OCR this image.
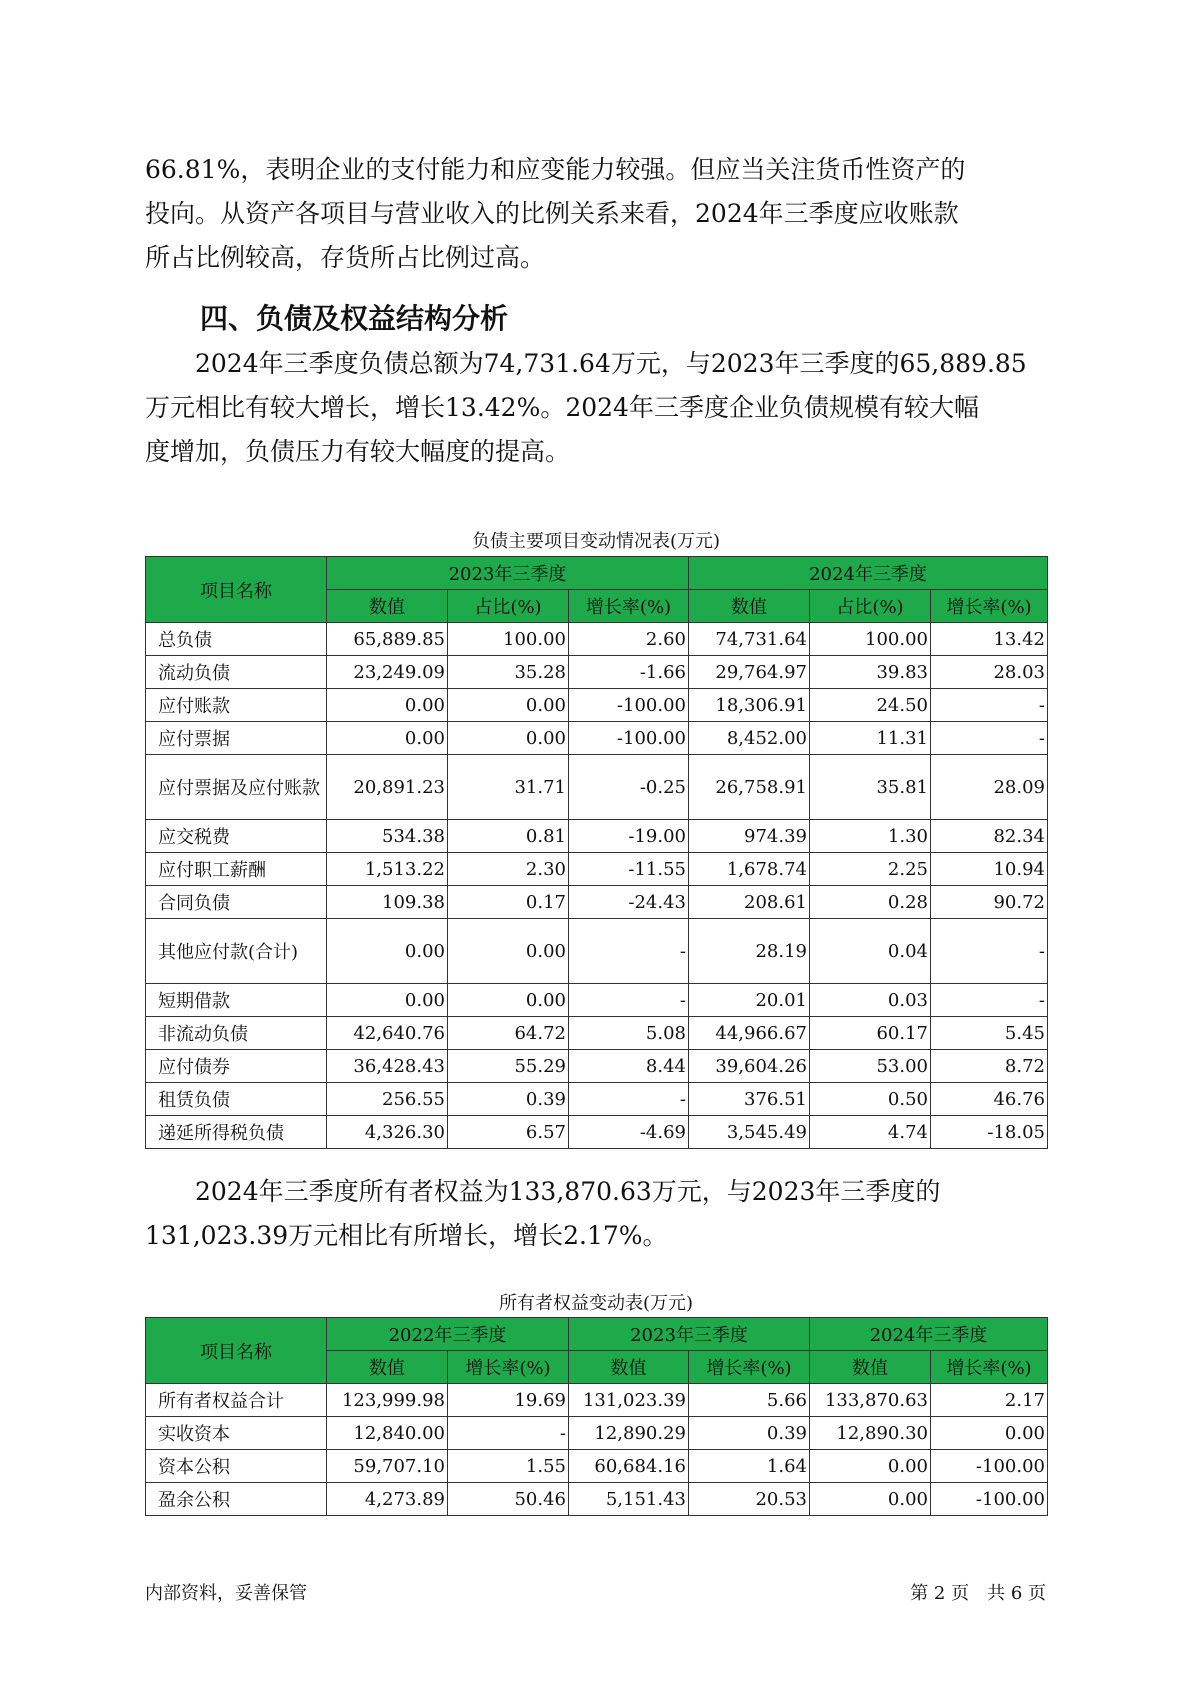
66.81%，表明企业的支付能力和应变能力较强。但应当关注货币性资产的
投向。从资产各项目与营业收入的比例关系来看，2024年三季度应收账款
所占比例较高，存货所占比例过高。
四、负债及权益结构分析
　　2024年三季度负债总额为74,731.64万元，与2023年三季度的65,889.85
万元相比有较大增长，增长13.42%。2024年三季度企业负债规模有较大幅
度增加，负债压力有较大幅度的提高。

负债主要项目变动情况表(万元)

项目名称	2023年三季度			2024年三季度		
	数值	占比(%)	增长率(%)	数值	占比(%)	增长率(%)
总负债	65,889.85	100.00	2.60	74,731.64	100.00	13.42
流动负债	23,249.09	35.28	-1.66	29,764.97	39.83	28.03
应付账款	0.00	0.00	-100.00	18,306.91	24.50	-
应付票据	0.00	0.00	-100.00	8,452.00	11.31	-
应付票据及应付账款	20,891.23	31.71	-0.25	26,758.91	35.81	28.09
应交税费	534.38	0.81	-19.00	974.39	1.30	82.34
应付职工薪酬	1,513.22	2.30	-11.55	1,678.74	2.25	10.94
合同负债	109.38	0.17	-24.43	208.61	0.28	90.72
其他应付款(合计)	0.00	0.00	-	28.19	0.04	-
短期借款	0.00	0.00	-	20.01	0.03	-
非流动负债	42,640.76	64.72	5.08	44,966.67	60.17	5.45
应付债券	36,428.43	55.29	8.44	39,604.26	53.00	8.72
租赁负债	256.55	0.39	-	376.51	0.50	46.76
递延所得税负债	4,326.30	6.57	-4.69	3,545.49	4.74	-18.05
　　2024年三季度所有者权益为133,870.63万元，与2023年三季度的
131,023.39万元相比有所增长，增长2.17%。

所有者权益变动表(万元)

项目名称	2022年三季度		2023年三季度		2024年三季度	
	数值	增长率(%)	数值	增长率(%)	数值	增长率(%)
所有者权益合计	123,999.98	19.69	131,023.39	5.66	133,870.63	2.17
实收资本	12,840.00	-	12,890.29	0.39	12,890.30	0.00
资本公积	59,707.10	1.55	60,684.16	1.64	0.00	-100.00
盈余公积	4,273.89	50.46	5,151.43	20.53	0.00	-100.00

内部资料，妥善保管	第 2 页　共 6 页
